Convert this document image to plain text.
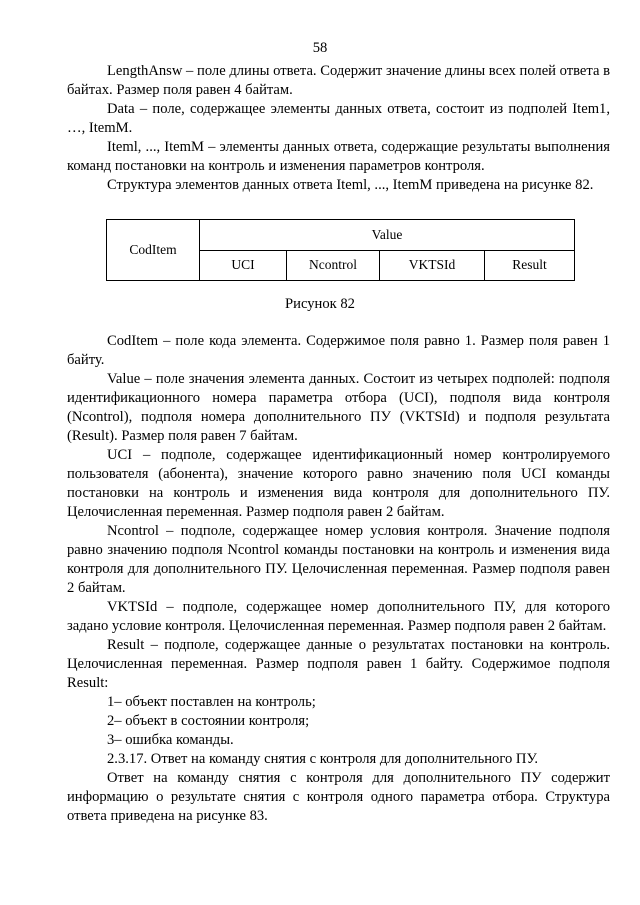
58

LengthAnsw – поле длины ответа. Содержит значение длины всех полей ответа в байтах. Размер поля равен 4 байтам.

Data – поле, содержащее элементы данных ответа, состоит из подполей Item1, …, ItemM.

Iteml, ..., ItemM – элементы данных ответа, содержащие результаты выполнения команд постановки на контроль и изменения параметров контроля.

Структура элементов данных ответа Iteml, ..., ItemM приведена на рисунке 82.

CodItem	Value			
	UCI	Ncontrol	VKTSId	Result
Рисунок 82

CodItem – поле кода элемента. Содержимое поля равно 1. Размер поля равен 1 байту.

Value – поле значения элемента данных. Состоит из четырех подполей: подполя идентификационного номера параметра отбора (UCI), подполя вида контроля (Ncontrol), подполя номера дополнительного ПУ (VKTSId) и подполя результата (Result). Размер поля равен 7 байтам.

UCI – подполе, содержащее идентификационный номер контролируемого пользователя (абонента), значение которого равно значению поля UCI команды постановки на контроль и изменения вида контроля для дополнительного ПУ. Целочисленная переменная. Размер подполя равен 2 байтам.

Ncontrol – подполе, содержащее номер условия контроля. Значение подполя равно значению подполя Ncontrol команды постановки на контроль и изменения вида контроля для дополнительного ПУ. Целочисленная переменная. Размер подполя равен 2 байтам.

VKTSId – подполе, содержащее номер дополнительного ПУ, для которого задано условие контроля. Целочисленная переменная. Размер подполя равен 2 байтам.

Result – подполе, содержащее данные о результатах постановки на контроль. Целочисленная переменная. Размер подполя равен 1 байту. Содержимое подполя Result:

1– объект поставлен на контроль;

2– объект в состоянии контроля;

3– ошибка команды.

2.3.17. Ответ на команду снятия с контроля для дополнительного ПУ.

Ответ на команду снятия с контроля для дополнительного ПУ содержит информацию о результате снятия с контроля одного параметра отбора. Структура ответа приведена на рисунке 83.
